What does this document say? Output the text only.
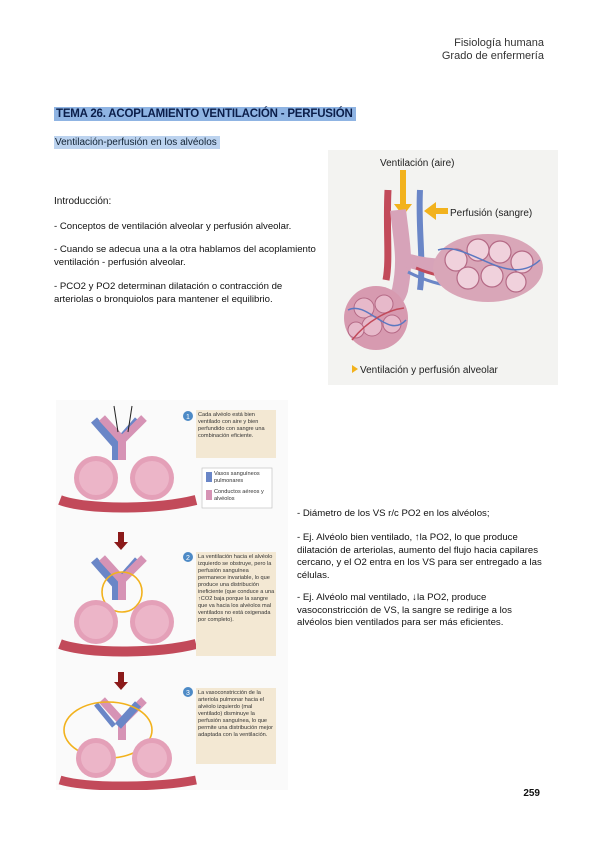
Fisiología humana
Grado de enfermería
TEMA 26. ACOPLAMIENTO VENTILACIÓN - PERFUSIÓN
Ventilación-perfusión en los alvéolos
Introducción:
- Conceptos de ventilación alveolar y perfusión alveolar.
- Cuando se adecua una a la otra hablamos del acoplamiento ventilación - perfusión alveolar.
- PCO2 y PO2 determinan dilatación o contracción de arteriolas o bronquiolos para mantener el equilibrio.
Ventilación (aire)
Perfusión (sangre)
Ventilación y perfusión alveolar
1 Cada alvéolo está bien ventilado con aire y bien perfundido con sangre una combinación eficiente.
Vasos sanguíneos pulmonares
Conductos aéreos y alvéolos
2 La ventilación hacia el alvéolo izquierdo se obstruye, pero la perfusión sanguínea permanece invariable, lo que produce una distribución ineficiente (que conduce a una ↑CO2 baja porque la sangre que va hacia los alvéolos mal ventilados no está oxigenada por completo).
3 La vasoconstricción de la arteriola pulmonar hacia el alvéolo izquierdo (mal ventilado) disminuye la perfusión sanguínea, lo que permite una distribución mejor adaptada con la ventilación.
- Diámetro de los VS r/c PO2 en los alvéolos;
- Ej. Alvéolo bien ventilado, ↑la PO2, lo que produce dilatación de arteriolas, aumento del flujo hacia capilares cercano, y el O2 entra en los VS para ser entregado a las células.
- Ej. Alvéolo mal ventilado, ↓la PO2, produce vasoconstricción de VS, la sangre se redirige a los alvéolos bien ventilados para ser más eficientes.
259
